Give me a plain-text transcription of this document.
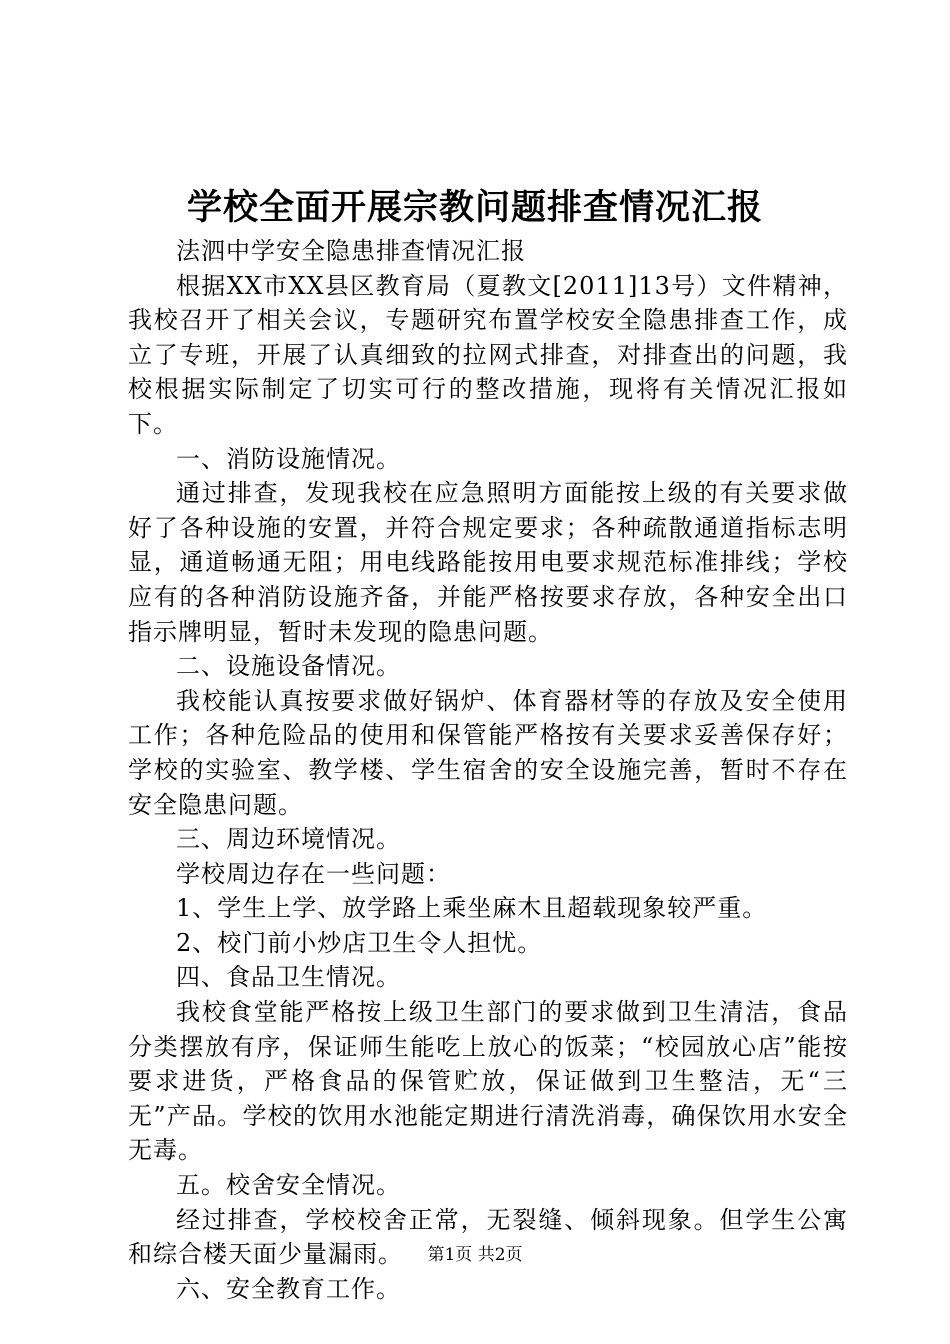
学校全面开展宗教问题排查情况汇报

法泗中学安全隐患排查情况汇报

根据XX市XX县区教育局（夏教文[2011]13号）文件精神，我校召开了相关会议，专题研究布置学校安全隐患排查工作，成立了专班，开展了认真细致的拉网式排查，对排查出的问题，我校根据实际制定了切实可行的整改措施，现将有关情况汇报如下。

一、消防设施情况。

通过排查，发现我校在应急照明方面能按上级的有关要求做好了各种设施的安置，并符合规定要求；各种疏散通道指标志明显，通道畅通无阻；用电线路能按用电要求规范标准排线；学校应有的各种消防设施齐备，并能严格按要求存放，各种安全出口指示牌明显，暂时未发现的隐患问题。

二、设施设备情况。

我校能认真按要求做好锅炉、体育器材等的存放及安全使用工作；各种危险品的使用和保管能严格按有关要求妥善保存好；学校的实验室、教学楼、学生宿舍的安全设施完善，暂时不存在安全隐患问题。

三、周边环境情况。

学校周边存在一些问题：

1、学生上学、放学路上乘坐麻木且超载现象较严重。

2、校门前小炒店卫生令人担忧。

四、食品卫生情况。

我校食堂能严格按上级卫生部门的要求做到卫生清洁，食品分类摆放有序，保证师生能吃上放心的饭菜；“校园放心店”能按要求进货，严格食品的保管贮放，保证做到卫生整洁，无“三无”产品。学校的饮用水池能定期进行清洗消毒，确保饮用水安全无毒。

五。校舍安全情况。

经过排查，学校校舍正常，无裂缝、倾斜现象。但学生公寓和综合楼天面少量漏雨。

六、安全教育工作。

第1页 共2页
